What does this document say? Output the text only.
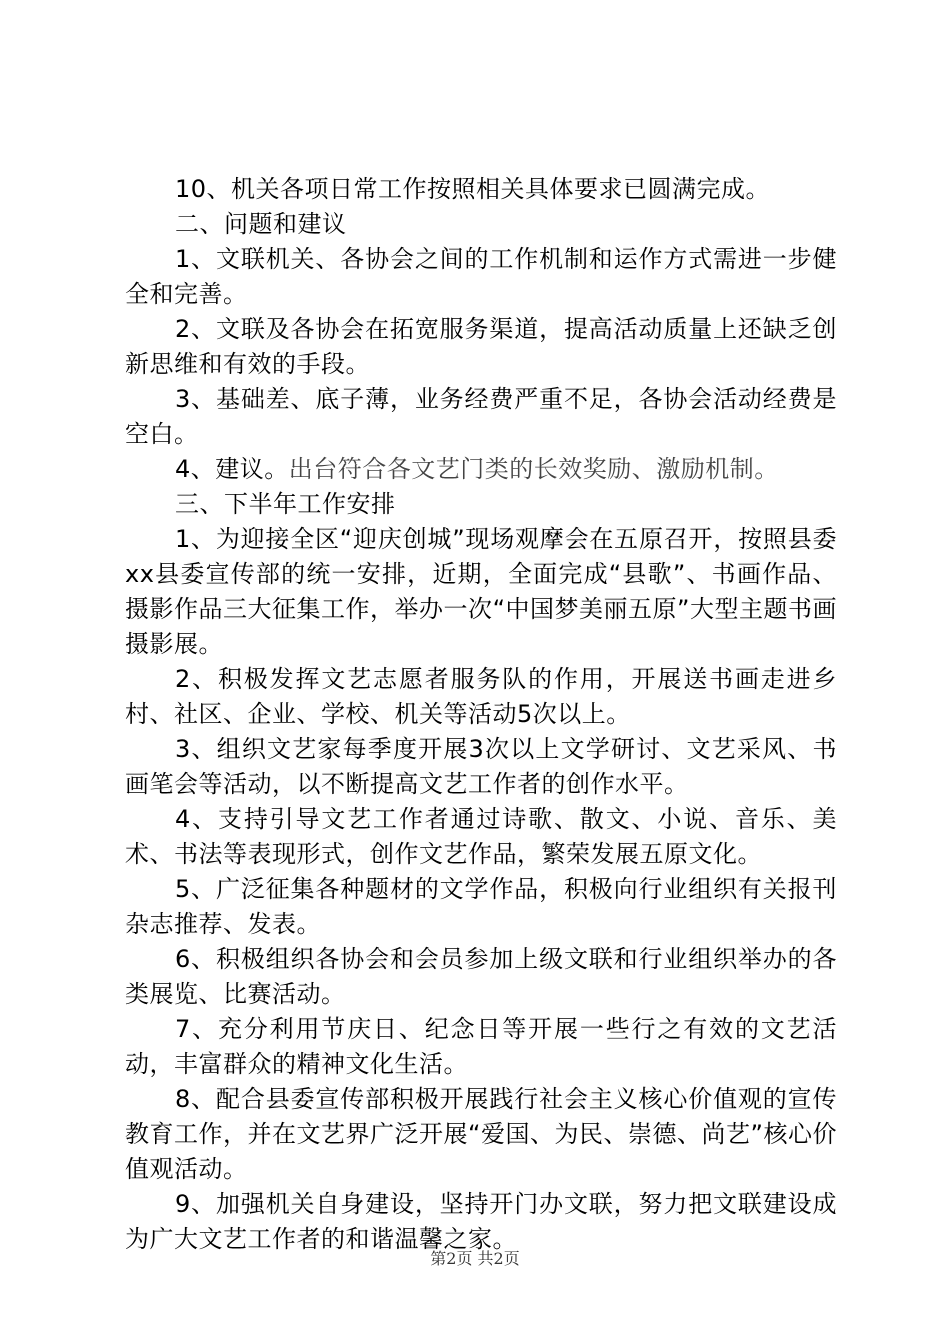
10、机关各项日常工作按照相关具体要求已圆满完成。

二、问题和建议

1、文联机关、各协会之间的工作机制和运作方式需进一步健全和完善。

2、文联及各协会在拓宽服务渠道，提高活动质量上还缺乏创新思维和有效的手段。

3、基础差、底子薄，业务经费严重不足，各协会活动经费是空白。

4、建议。出台符合各文艺门类的长效奖励、激励机制。

三、下半年工作安排

1、为迎接全区“迎庆创城”现场观摩会在五原召开，按照县委xx县委宣传部的统一安排，近期，全面完成“县歌”、书画作品、摄影作品三大征集工作，举办一次“中国梦美丽五原”大型主题书画摄影展。

2、积极发挥文艺志愿者服务队的作用，开展送书画走进乡村、社区、企业、学校、机关等活动5次以上。

3、组织文艺家每季度开展3次以上文学研讨、文艺采风、书画笔会等活动，以不断提高文艺工作者的创作水平。

4、支持引导文艺工作者通过诗歌、散文、小说、音乐、美术、书法等表现形式，创作文艺作品，繁荣发展五原文化。

5、广泛征集各种题材的文学作品，积极向行业组织有关报刊杂志推荐、发表。

6、积极组织各协会和会员参加上级文联和行业组织举办的各类展览、比赛活动。

7、充分利用节庆日、纪念日等开展一些行之有效的文艺活动，丰富群众的精神文化生活。

8、配合县委宣传部积极开展践行社会主义核心价值观的宣传教育工作，并在文艺界广泛开展“爱国、为民、崇德、尚艺”核心价值观活动。

9、加强机关自身建设，坚持开门办文联，努力把文联建设成为广大文艺工作者的和谐温馨之家。

第2页 共2页
